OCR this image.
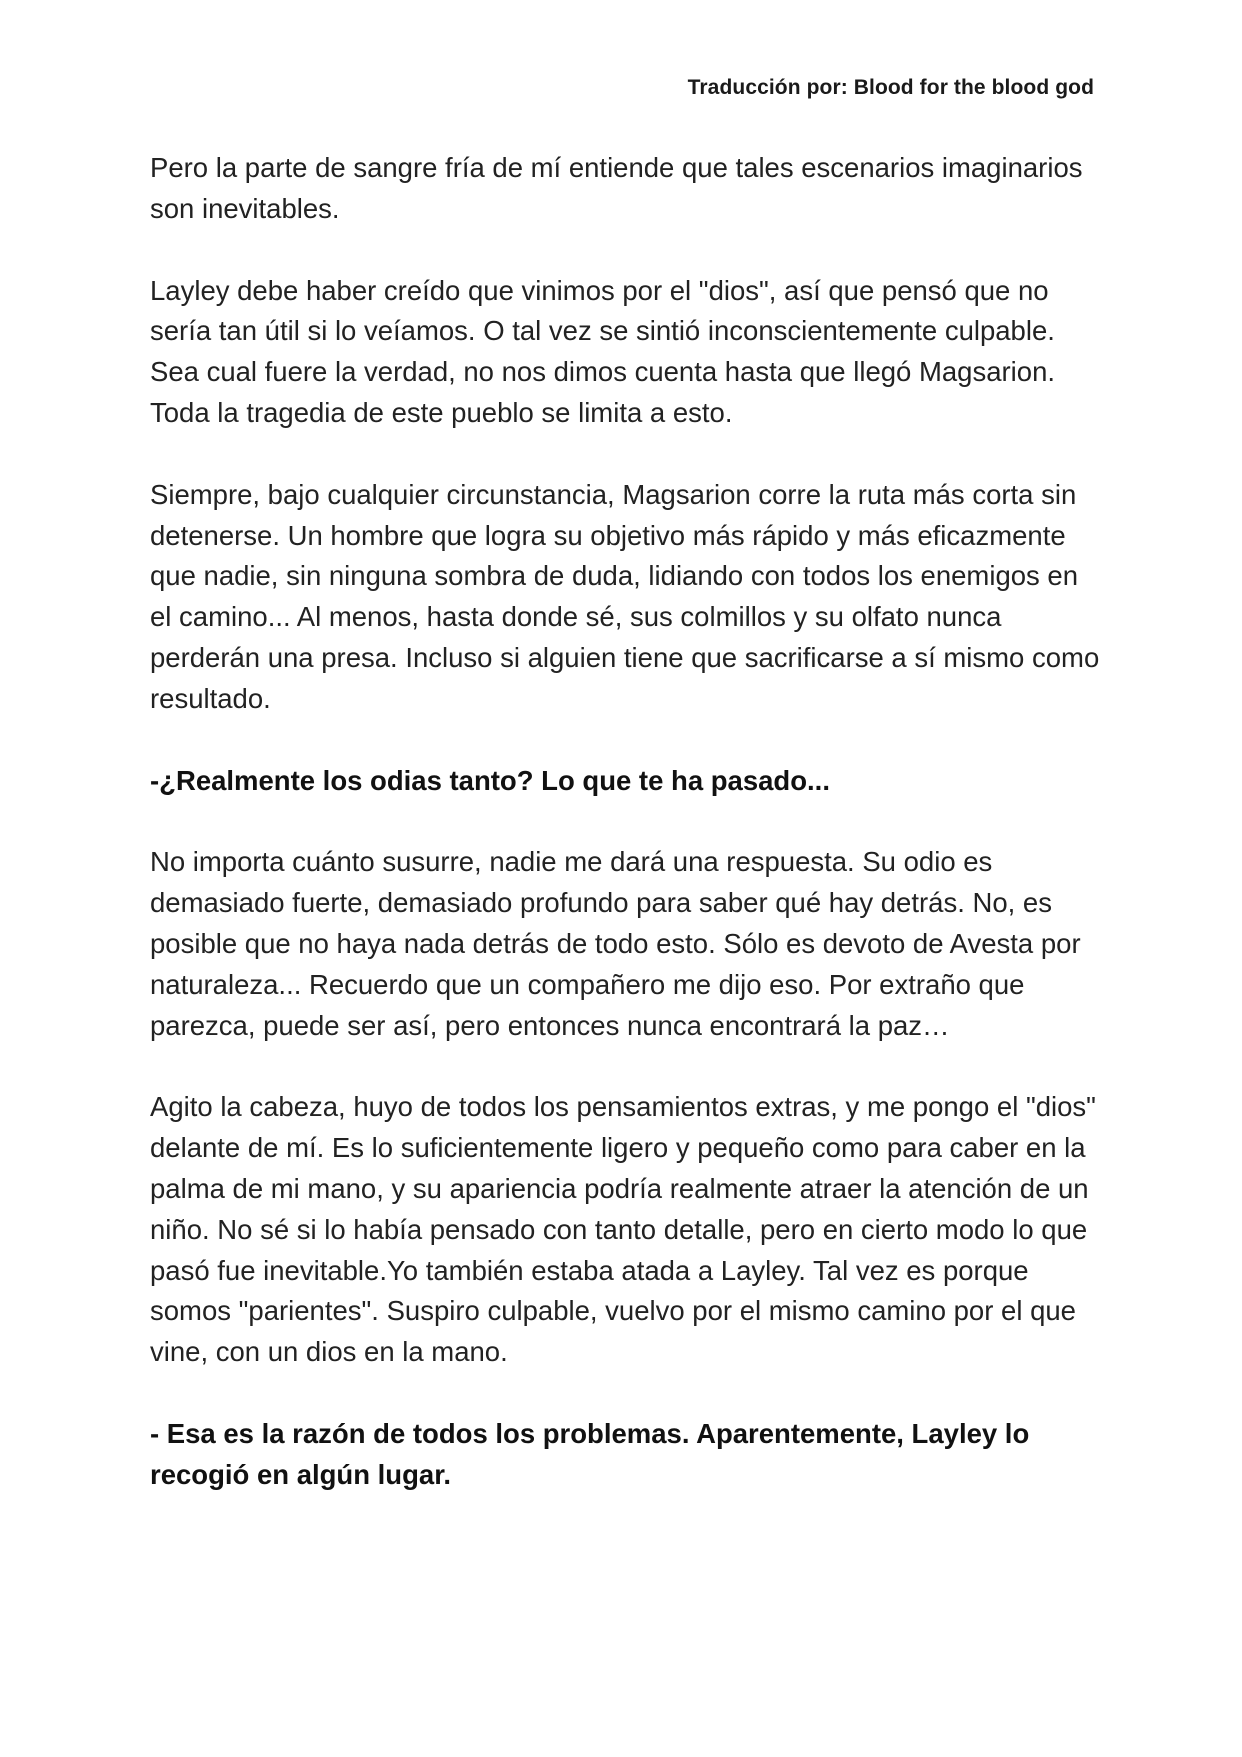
Traducción por: Blood for the blood god

Pero la parte de sangre fría de mí entiende que tales escenarios imaginarios son inevitables.

Layley debe haber creído que vinimos por el "dios", así que pensó que no sería tan útil si lo veíamos. O tal vez se sintió inconscientemente culpable. Sea cual fuere la verdad, no nos dimos cuenta hasta que llegó Magsarion. Toda la tragedia de este pueblo se limita a esto.

Siempre, bajo cualquier circunstancia, Magsarion corre la ruta más corta sin detenerse. Un hombre que logra su objetivo más rápido y más eficazmente que nadie, sin ninguna sombra de duda, lidiando con todos los enemigos en el camino... Al menos, hasta donde sé, sus colmillos y su olfato nunca perderán una presa. Incluso si alguien tiene que sacrificarse a sí mismo como resultado.

-¿Realmente los odias tanto? Lo que te ha pasado...

No importa cuánto susurre, nadie me dará una respuesta. Su odio es demasiado fuerte, demasiado profundo para saber qué hay detrás. No, es posible que no haya nada detrás de todo esto. Sólo es devoto de Avesta por naturaleza... Recuerdo que un compañero me dijo eso. Por extraño que parezca, puede ser así, pero entonces nunca encontrará la paz…

Agito la cabeza, huyo de todos los pensamientos extras, y me pongo el "dios" delante de mí. Es lo suficientemente ligero y pequeño como para caber en la palma de mi mano, y su apariencia podría realmente atraer la atención de un niño. No sé si lo había pensado con tanto detalle, pero en cierto modo lo que pasó fue inevitable.Yo también estaba atada a Layley. Tal vez es porque somos "parientes". Suspiro culpable, vuelvo por el mismo camino por el que vine, con un dios en la mano.

- Esa es la razón de todos los problemas. Aparentemente, Layley lo recogió en algún lugar.
